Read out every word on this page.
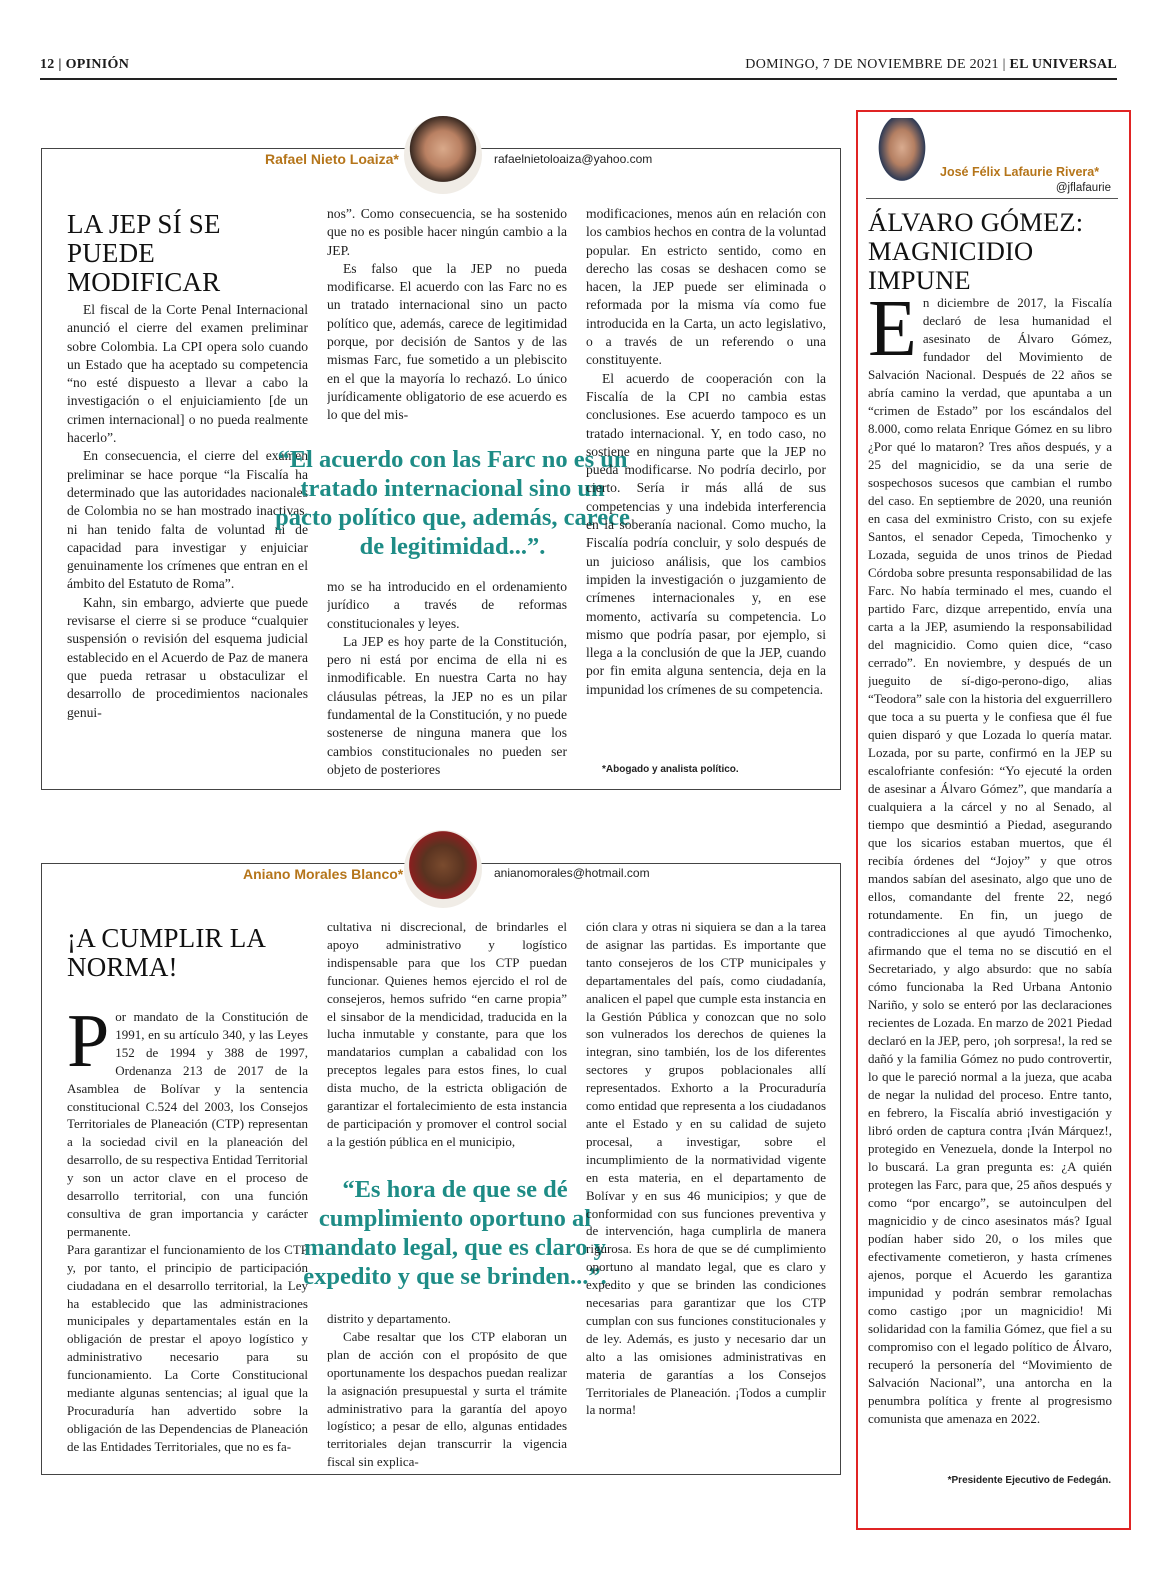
12 | OPINIÓN	DOMINGO, 7 DE NOVIEMBRE DE 2021 | EL UNIVERSAL
Rafael Nieto Loaiza*	rafaelnietoloaiza@yahoo.com
LA JEP SÍ SE PUEDE MODIFICAR

El fiscal de la Corte Penal Internacional anunció el cierre del examen preliminar sobre Colombia. La CPI opera solo cuando un Estado que ha aceptado su competencia “no esté dispuesto a llevar a cabo la investigación o el enjuiciamiento [de un crimen internacional] o no pueda realmente hacerlo”.

En consecuencia, el cierre del examen preliminar se hace porque “la Fiscalía ha determinado que las autoridades nacionales de Colombia no se han mostrado inactivas, ni han tenido falta de voluntad ni de capacidad para investigar y enjuiciar genuinamente los crímenes que entran en el ámbito del Estatuto de Roma”.

Kahn, sin embargo, advierte que puede revisarse el cierre si se produce “cualquier suspensión o revisión del esquema judicial establecido en el Acuerdo de Paz de manera que pueda retrasar u obstaculizar el desarrollo de procedimientos nacionales genui-

nos”. Como consecuencia, se ha sostenido que no es posible hacer ningún cambio a la JEP.

Es falso que la JEP no pueda modificarse. El acuerdo con las Farc no es un tratado internacional sino un pacto político que, además, carece de legitimidad porque, por decisión de Santos y de las mismas Farc, fue sometido a un plebiscito en el que la mayoría lo rechazó. Lo único jurídicamente obligatorio de ese acuerdo es lo que del mis-

“El acuerdo con las Farc no es un tratado internacional sino un pacto político que, además, carece de legitimidad...”.

mo se ha introducido en el ordenamiento jurídico a través de reformas constitucionales y leyes.

La JEP es hoy parte de la Constitución, pero ni está por encima de ella ni es inmodificable. En nuestra Carta no hay cláusulas pétreas, la JEP no es un pilar fundamental de la Constitución, y no puede sostenerse de ninguna manera que los cambios constitucionales no pueden ser objeto de posteriores

modificaciones, menos aún en relación con los cambios hechos en contra de la voluntad popular. En estricto sentido, como en derecho las cosas se deshacen como se hacen, la JEP puede ser eliminada o reformada por la misma vía como fue introducida en la Carta, un acto legislativo, o a través de un referendo o una constituyente.

El acuerdo de cooperación con la Fiscalía de la CPI no cambia estas conclusiones. Ese acuerdo tampoco es un tratado internacional. Y, en todo caso, no sostiene en ninguna parte que la JEP no pueda modificarse. No podría decirlo, por cierto. Sería ir más allá de sus competencias y una indebida interferencia en la soberanía nacional. Como mucho, la Fiscalía podría concluir, y solo después de un juicioso análisis, que los cambios impiden la investigación o juzgamiento de crímenes internacionales y, en ese momento, activaría su competencia. Lo mismo que podría pasar, por ejemplo, si llega a la conclusión de que la JEP, cuando por fin emita alguna sentencia, deja en la impunidad los crímenes de su competencia.

*Abogado y analista político.
Aniano Morales Blanco*	anianomorales@hotmail.com
¡A CUMPLIR LA NORMA!
P or mandato de la Constitución de 1991, en su artículo 340, y las Leyes 152 de 1994 y 388 de 1997, Ordenanza 213 de 2017 de la Asamblea de Bolívar y la sentencia constitucional C.524 del 2003, los Consejos Territoriales de Planeación (CTP) representan a la sociedad civil en la planeación del desarrollo, de su respectiva Entidad Territorial y son un actor clave en el proceso de desarrollo territorial, con una función consultiva de gran importancia y carácter permanente.

Para garantizar el funcionamiento de los CTP y, por tanto, el principio de participación ciudadana en el desarrollo territorial, la Ley ha establecido que las administraciones municipales y departamentales están en la obligación de prestar el apoyo logístico y administrativo necesario para su funcionamiento. La Corte Constitucional mediante algunas sentencias; al igual que la Procuraduría han advertido sobre la obligación de las Dependencias de Planeación de las Entidades Territoriales, que no es fa-

cultativa ni discrecional, de brindarles el apoyo administrativo y logístico indispensable para que los CTP puedan funcionar. Quienes hemos ejercido el rol de consejeros, hemos sufrido “en carne propia” el sinsabor de la mendicidad, traducida en la lucha inmutable y constante, para que los mandatarios cumplan a cabalidad con los preceptos legales para estos fines, lo cual dista mucho, de la estricta obligación de garantizar el fortalecimiento de esta instancia de participación y promover el control social a la gestión pública en el municipio,

“Es hora de que se dé cumplimiento oportuno al mandato legal, que es claro y expedito y que se brinden...”.

distrito y departamento.

Cabe resaltar que los CTP elaboran un plan de acción con el propósito de que oportunamente los despachos puedan realizar la asignación presupuestal y surta el trámite administrativo para la garantía del apoyo logístico; a pesar de ello, algunas entidades territoriales dejan transcurrir la vigencia fiscal sin explica-

ción clara y otras ni siquiera se dan a la tarea de asignar las partidas. Es importante que tanto consejeros de los CTP municipales y departamentales del país, como ciudadanía, analicen el papel que cumple esta instancia en la Gestión Pública y conozcan que no solo son vulnerados los derechos de quienes la integran, sino también, los de los diferentes sectores y grupos poblacionales allí representados. Exhorto a la Procuraduría como entidad que representa a los ciudadanos ante el Estado y en su calidad de sujeto procesal, a investigar, sobre el incumplimiento de la normatividad vigente en esta materia, en el departamento de Bolívar y en sus 46 municipios; y que de conformidad con sus funciones preventiva y de intervención, haga cumplirla de manera rigurosa. Es hora de que se dé cumplimiento oportuno al mandato legal, que es claro y expedito y que se brinden las condiciones necesarias para garantizar que los CTP cumplan con sus funciones constitucionales y de ley. Además, es justo y necesario dar un alto a las omisiones administrativas en materia de garantías a los Consejos Territoriales de Planeación. ¡Todos a cumplir la norma!

José Félix Lafaurie Rivera*
@jflafaurie
ÁLVARO GÓMEZ: MAGNICIDIO IMPUNE
E n diciembre de 2017, la Fiscalía declaró de lesa humanidad el asesinato de Álvaro Gómez, fundador del Movimiento de Salvación Nacional. Después de 22 años se abría camino la verdad, que apuntaba a un “crimen de Estado” por los escándalos del 8.000, como relata Enrique Gómez en su libro ¿Por qué lo mataron? Tres años después, y a 25 del magnicidio, se da una serie de sospechosos sucesos que cambian el rumbo del caso. En septiembre de 2020, una reunión en casa del exministro Cristo, con su exjefe Santos, el senador Cepeda, Timochenko y Lozada, seguida de unos trinos de Piedad Córdoba sobre presunta responsabilidad de las Farc. No había terminado el mes, cuando el partido Farc, dizque arrepentido, envía una carta a la JEP, asumiendo la responsabilidad del magnicidio. Como quien dice, “caso cerrado”. En noviembre, y después de un jueguito de sí-digo-perono-digo, alias “Teodora” sale con la historia del exguerrillero que toca a su puerta y le confiesa que él fue quien disparó y que Lozada lo quería matar. Lozada, por su parte, confirmó en la JEP su escalofriante confesión: “Yo ejecuté la orden de asesinar a Álvaro Gómez”, que mandaría a cualquiera a la cárcel y no al Senado, al tiempo que desmintió a Piedad, asegurando que los sicarios estaban muertos, que él recibía órdenes del “Jojoy” y que otros mandos sabían del asesinato, algo que uno de ellos, comandante del frente 22, negó rotundamente. En fin, un juego de contradicciones al que ayudó Timochenko, afirmando que el tema no se discutió en el Secretariado, y algo absurdo: que no sabía cómo funcionaba la Red Urbana Antonio Nariño, y solo se enteró por las declaraciones recientes de Lozada. En marzo de 2021 Piedad declaró en la JEP, pero, ¡oh sorpresa!, la red se dañó y la familia Gómez no pudo controvertir, lo que le pareció normal a la jueza, que acaba de negar la nulidad del proceso. Entre tanto, en febrero, la Fiscalía abrió investigación y libró orden de captura contra ¡Iván Márquez!, protegido en Venezuela, donde la Interpol no lo buscará. La gran pregunta es: ¿A quién protegen las Farc, para que, 25 años después y como “por encargo”, se autoinculpen del magnicidio y de cinco asesinatos más? Igual podían haber sido 20, o los miles que efectivamente cometieron, y hasta crímenes ajenos, porque el Acuerdo les garantiza impunidad y podrán sembrar remolachas como castigo ¡por un magnicidio! Mi solidaridad con la familia Gómez, que fiel a su compromiso con el legado político de Álvaro, recuperó la personería del “Movimiento de Salvación Nacional”, una antorcha en la penumbra política y frente al progresismo comunista que amenaza en 2022.

*Presidente Ejecutivo de Fedegán.
